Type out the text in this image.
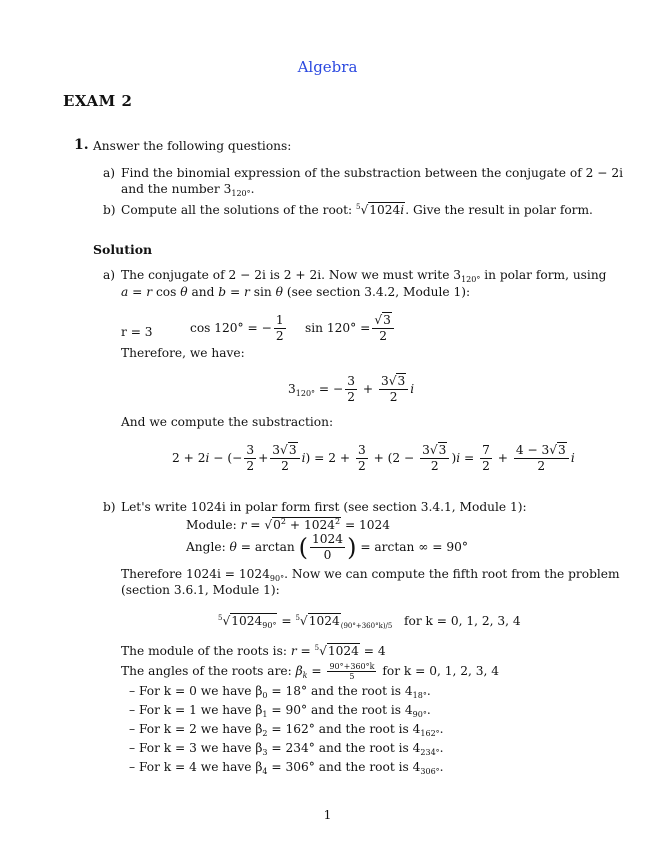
Algebra
EXAM 2
1. Answer the following questions:
a) Find the binomial expression of the substraction between the conjugate of 2 − 2i
and the number $3_{120^\circ}$.
b) Compute all the solutions of the root: $^5$√1024i. Give the result in polar form.
Solution
a) The conjugate of 2 − 2i is 2 + 2i. Now we must write $3_{120^\circ}$ in polar form, using
a = r cos θ and b = r sin θ (see section 3.4.2, Module 1):
r = 3	cos 120° = − $\frac{1}{2}$ $\sin 120^\circ = \frac{√3}{2}$
Therefore, we have:
$3_{120^\circ}$ = − $\frac{3}{2} + \frac{3√3}{2}$ i
And we compute the substraction:
2 + 2i − (− $\frac{3}{2} + \frac{3√3}{2} i) = 2 + \frac{3}{2} + (2 - \frac{3√3}{2} )i = \frac{7}{2} + \frac{4 - 3√3}{2}$ i
b) Let's write 1024i in polar form first (see section 3.4.1, Module 1):
Module: $r = √0^2 + 1024^2 = 1024$
Angle: θ = arctan ( $\frac{1024}{0}$ ) = arctan ∞ = 90°
Therefore $1024i = 1024_{90^\circ}$. Now we can compute the fifth root from the problem
(section 3.6.1, Module 1):
$^5√1024_{90^\circ} = ^5√1024_{(90^\circ+360^\circ k)/5}$ for k = 0, 1, 2, 3, 4
The module of the roots is: r = $^5$√1024 = 4
The angles of the roots are: $\beta_k = \frac{90^\circ+360^\circ k}{5}$ for k = 0, 1, 2, 3, 4
– For k = 0 we have $\beta_0 = 18^\circ$ and the root is $4_{18^\circ}$.
– For k = 1 we have $\beta_1 = 90^\circ$ and the root is $4_{90^\circ}$.
– For k = 2 we have $\beta_2 = 162^\circ$ and the root is $4_{162^\circ}$.
– For k = 3 we have $\beta_3 = 234^\circ$ and the root is $4_{234^\circ}$.
– For k = 4 we have $\beta_4 = 306^\circ$ and the root is $4_{306^\circ}$.
1
